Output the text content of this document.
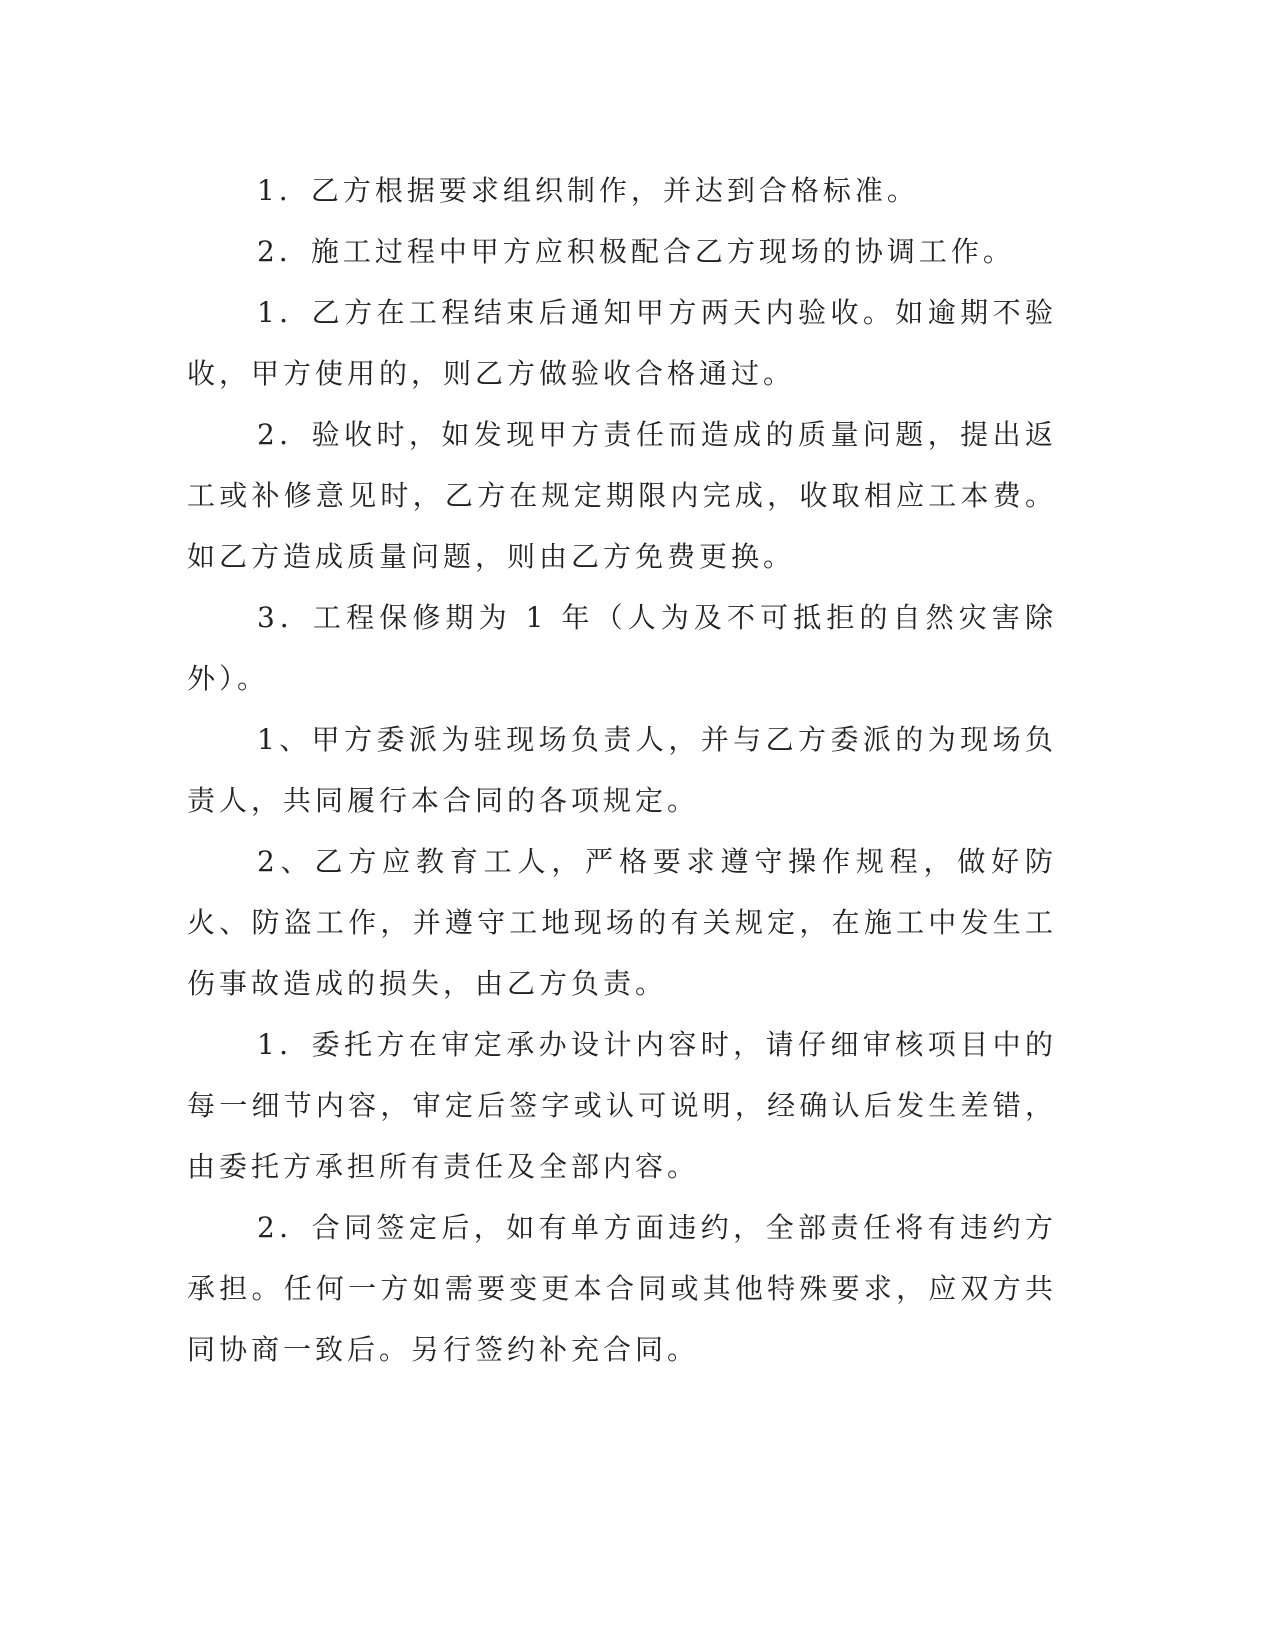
1．乙方根据要求组织制作，并达到合格标准。

2．施工过程中甲方应积极配合乙方现场的协调工作。

1．乙方在工程结束后通知甲方两天内验收。如逾期不验收，甲方使用的，则乙方做验收合格通过。

2．验收时，如发现甲方责任而造成的质量问题，提出返工或补修意见时，乙方在规定期限内完成，收取相应工本费。如乙方造成质量问题，则由乙方免费更换。

3．工程保修期为 1 年（人为及不可抵拒的自然灾害除外）。

1、甲方委派为驻现场负责人，并与乙方委派的为现场负责人，共同履行本合同的各项规定。

2、乙方应教育工人，严格要求遵守操作规程，做好防火、防盗工作，并遵守工地现场的有关规定，在施工中发生工伤事故造成的损失，由乙方负责。

1．委托方在审定承办设计内容时，请仔细审核项目中的每一细节内容，审定后签字或认可说明，经确认后发生差错，由委托方承担所有责任及全部内容。

2．合同签定后，如有单方面违约，全部责任将有违约方承担。任何一方如需要变更本合同或其他特殊要求，应双方共同协商一致后。另行签约补充合同。
